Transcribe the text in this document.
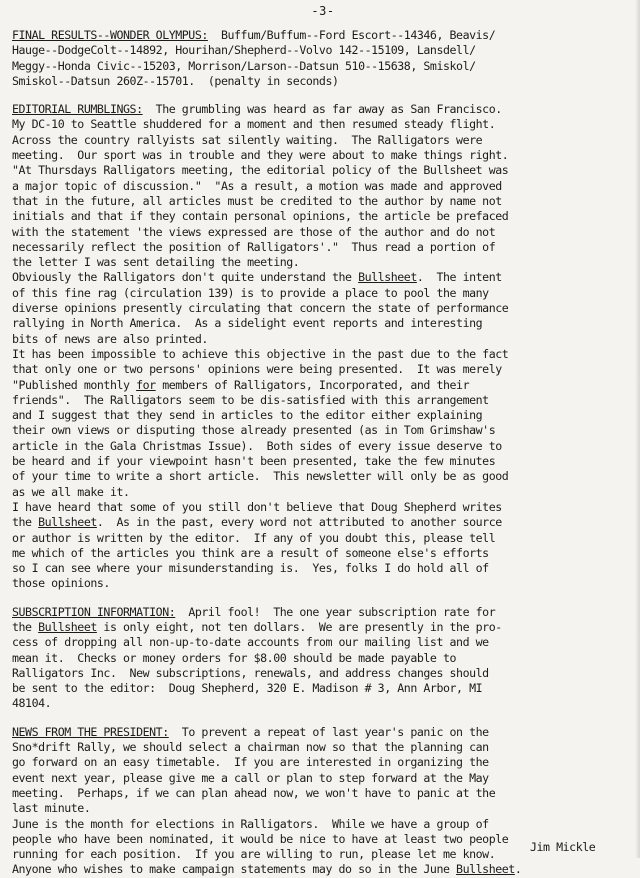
-3-

FINAL RESULTS--WONDER OLYMPUS:  Buffum/Buffum--Ford Escort--14346, Beavis/
Hauge--DodgeColt--14892, Hourihan/Shepherd--Volvo 142--15109, Lansdell/
Meggy--Honda Civic--15203, Morrison/Larson--Datsun 510--15638, Smiskol/
Smiskol--Datsun 260Z--15701.  (penalty in seconds)

EDITORIAL RUMBLINGS:  The grumbling was heard as far away as San Francisco.
My DC-10 to Seattle shuddered for a moment and then resumed steady flight.
Across the country rallyists sat silently waiting.  The Ralligators were
meeting.  Our sport was in trouble and they were about to make things right.
"At Thursdays Ralligators meeting, the editorial policy of the Bullsheet was
a major topic of discussion."  "As a result, a motion was made and approved
that in the future, all articles must be credited to the author by name not
initials and that if they contain personal opinions, the article be prefaced
with the statement 'the views expressed are those of the author and do not
necessarily reflect the position of Ralligators'."  Thus read a portion of
the letter I was sent detailing the meeting.

Obviously the Ralligators don't quite understand the Bullsheet.  The intent
of this fine rag (circulation 139) is to provide a place to pool the many
diverse opinions presently circulating that concern the state of performance
rallying in North America.  As a sidelight event reports and interesting
bits of news are also printed.

It has been impossible to achieve this objective in the past due to the fact
that only one or two persons' opinions were being presented.  It was merely
"Published monthly for members of Ralligators, Incorporated, and their
friends".  The Ralligators seem to be dis-satisfied with this arrangement
and I suggest that they send in articles to the editor either explaining
their own views or disputing those already presented (as in Tom Grimshaw's
article in the Gala Christmas Issue).  Both sides of every issue deserve to
be heard and if your viewpoint hasn't been presented, take the few minutes
of your time to write a short article.  This newsletter will only be as good
as we all make it.

I have heard that some of you still don't believe that Doug Shepherd writes
the Bullsheet.  As in the past, every word not attributed to another source
or author is written by the editor.  If any of you doubt this, please tell
me which of the articles you think are a result of someone else's efforts
so I can see where your misunderstanding is.  Yes, folks I do hold all of
those opinions.

SUBSCRIPTION INFORMATION:  April fool!  The one year subscription rate for
the Bullsheet is only eight, not ten dollars.  We are presently in the pro-
cess of dropping all non-up-to-date accounts from our mailing list and we
mean it.  Checks or money orders for $8.00 should be made payable to
Ralligators Inc.  New subscriptions, renewals, and address changes should
be sent to the editor:  Doug Shepherd, 320 E. Madison # 3, Ann Arbor, MI
48104.

NEWS FROM THE PRESIDENT:  To prevent a repeat of last year's panic on the
Sno*drift Rally, we should select a chairman now so that the planning can
go forward on an easy timetable.  If you are interested in organizing the
event next year, please give me a call or plan to step forward at the May
meeting.  Perhaps, if we can plan ahead now, we won't have to panic at the
last minute.

June is the month for elections in Ralligators.  While we have a group of
people who have been nominated, it would be nice to have at least two people
running for each position.  If you are willing to run, please let me know.
Anyone who wishes to make campaign statements may do so in the June Bullsheet.

Jim Mickle
